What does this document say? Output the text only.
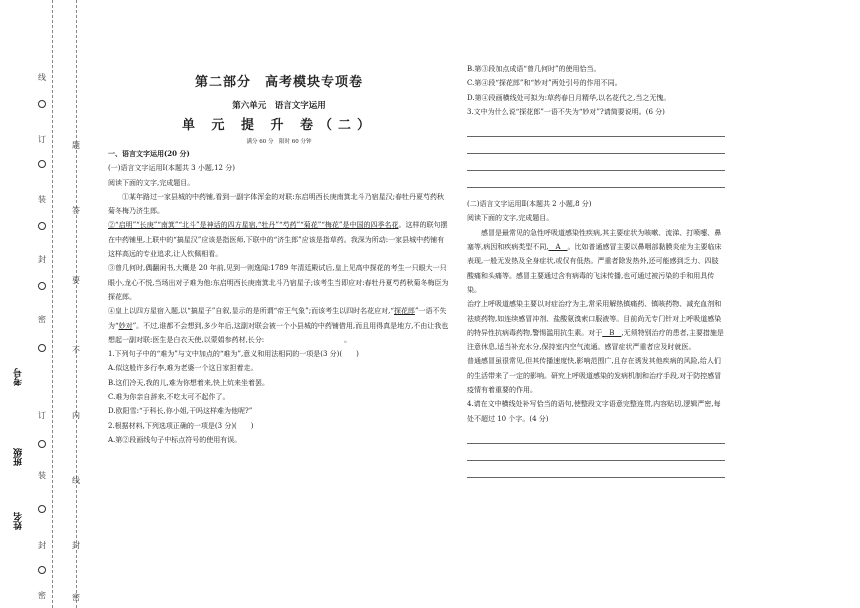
线
订
装
封
密
订
装
封
密
题
答
要
不
内
线
封
密
考号
班级
姓名
第二部分　高考模块专项卷
第六单元　语言文字运用
单 元 提 升 卷（二）
满分 60 分　限时 60 分钟

一、语言文字运用(20 分)

(一)语言文字运用Ⅰ(本题共 3 小题,12 分)

阅读下面的文字,完成题目。

①某年路过一家县城的中药铺,看到一副字体浑金的对联:东启明西长庚南箕北斗乃宿星汉;春牡丹夏芍药秋菊冬梅乃济生郎。

②“启明”“长庚”“南箕”“北斗”是神话的四方星宿,“牡丹”“芍药”“菊花”“梅花”是中国的四季名花。这样的联句摆在中药铺里,上联中的“搞星汉”应该是指医师,下联中的“济生郎”应该是指草药。我深为所动:一家县城中药铺有这样高远的专业追求,让人钦佩相看。

③曾几何时,偶翻闲书,大概是 20 年前,见到一则逸闻:1789 年清廷殿试后,皇上见高中探花的考生一只眼大一只眼小,龙心不悦,当场出对子难为他:东启明西长庚南箕北斗乃宿星子;该考生当即应对:春牡丹夏芍药秋菊冬梅臣为探花郎。

④皇上以四方星宿入题,以“搞星子”自叙,显示的是所谓“帝王气象”;而该考生以四时名花应对,“探花郎”一语不失为“妙对”。不过,谁都不会想到,多少年后,这副对联会被一个小县城的中药铺借用,而且用得真是地方,不由让我也想起一副对联:医生是白衣天使,以蒙娟参药材,长分:	。

1.下列句子中的“难为”与文中加点的“难为”,意义和用法相同的一项是(3 分)(　　)

A.似这般许多行李,难为老婆一个这日家担着走。

B.这们冷天,我的儿,难为你想着来,快上炕来坐着罢。

C.难为你亲自辞来,不吃太可不起作了。

D.欧阳雪:“于科长,你小姐,干吗这样难为他呢?”

2.根据材料,下列选项正确的一项是(3 分)(　　)

A.第②段画线句子中标点符号的使用有误。

B.第③段加点成语“曾几何时”的使用恰当。

C.第④段“探花郎”和“妙对”两处引号的作用不同。

D.第④段画横线处可拟为:草药春日月精华,以名花代之,当之无愧。

3.文中为什么说“探花郎”一语不失为“妙对”?请简要说明。(6 分)

(二)语言文字运用Ⅱ(本题共 2 小题,8 分)

阅读下面的文字,完成题目。

感冒是最常见的急性呼吸道感染性疾病,其主要症状为咳嗽、流涕、打喷嚏、鼻塞等,病因和疾病类型不同,　A　。比如普通感冒主要以鼻咽部黏膜炎症为主要临床表现,一般无发热及全身症状,或仅有低热。严重者除发热外,还可能感到乏力、四肢酸痛和头痛等。感冒主要通过含有病毒的飞沫传播,也可通过被污染的手和用具传染。

治疗上呼吸道感染主要以对症治疗为主,常采用解热镇痛药、镇咳药物、减充血剂和祛痰药物,如连续感冒冲剂、盐酸氨溴索口服液等。目前尚无专门针对上呼吸道感染的特异性抗病毒药物,警惕滥用抗生素。对于　B　,无须特别治疗的患者,主要措施是注意休息,适当补充水分,保持室内空气流通。感冒症状严重者应及时就医。

普通感冒虽很常见,但其传播速度快,影响范围广,且存在诱发其他疾病的风险,给人们的生活带来了一定的影响。研究上呼吸道感染的发病机制和治疗手段,对于防控感冒疫情有着重要的作用。

4.请在文中横线处补写恰当的语句,使整段文字语意完整连贯,内容贴切,逻辑严密,每处不超过 10 个字。(4 分)
